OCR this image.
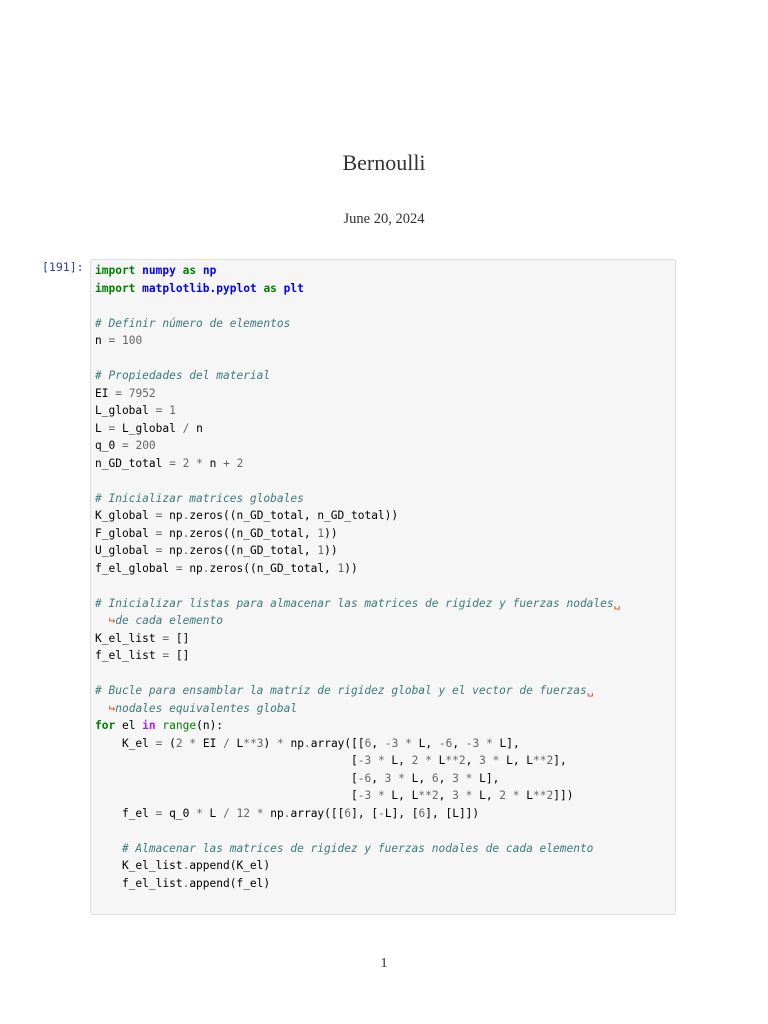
Bernoulli
June 20, 2024
[191]: import numpy as np
import matplotlib.pyplot as plt

# Definir número de elementos
n = 100

# Propiedades del material
EI = 7952
L_global = 1
L = L_global / n
q_0 = 200
n_GD_total = 2 * n + 2

# Inicializar matrices globales
K_global = np.zeros((n_GD_total, n_GD_total))
F_global = np.zeros((n_GD_total, 1))
U_global = np.zeros((n_GD_total, 1))
f_el_global = np.zeros((n_GD_total, 1))

# Inicializar listas para almacenar las matrices de rigidez y fuerzas nodales␣
↪de cada elemento
K_el_list = []
f_el_list = []

# Bucle para ensamblar la matriz de rigidez global y el vector de fuerzas␣
↪nodales equivalentes global
for el in range(n):
K_el = (2 * EI / L**3) * np.array([[6, -3 * L, -6, -3 * L],
[-3 * L, 2 * L**2, 3 * L, L**2],
[-6, 3 * L, 6, 3 * L],
[-3 * L, L**2, 3 * L, 2 * L**2]])
f_el = q_0 * L / 12 * np.array([[6], [-L], [6], [L]])

# Almacenar las matrices de rigidez y fuerzas nodales de cada elemento
K_el_list.append(K_el)
f_el_list.append(f_el)
1
